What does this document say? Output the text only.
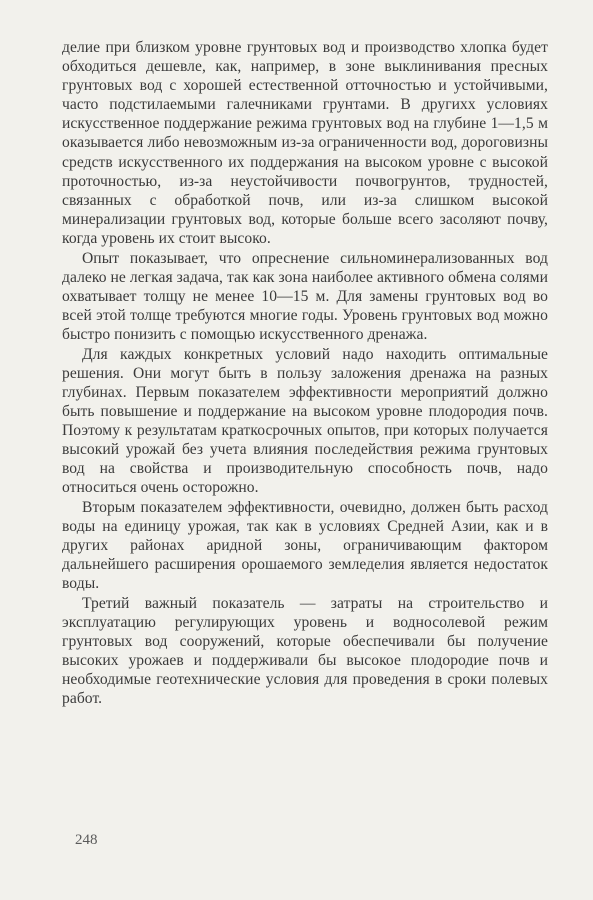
делие при близком уровне грунтовых вод и производство хлопка будет обходиться дешевле, как, например, в зоне выклинивания пресных грунтовых вод с хорошей естественной отточностью и устойчивыми, часто подстилаемыми галечниками грунтами. В другихх условиях искусственное поддержание режима грунтовых вод на глубине 1—1,5 м оказывается либо невозможным из-за ограниченности вод, дороговизны средств искусственного их поддержания на высоком уровне с высокой проточностью, из-за неустойчивости почвогрунтов, трудностей, связанных с обработкой почв, или из-за слишком высокой минерализации грунтовых вод, которые больше всего засоляют почву, когда уровень их стоит высоко.

Опыт показывает, что опреснение сильноминерализованных вод далеко не легкая задача, так как зона наиболее активного обмена солями охватывает толщу не менее 10—15 м. Для замены грунтовых вод во всей этой толще требуются многие годы. Уровень грунтовых вод можно быстро понизить с помощью искусственного дренажа.

Для каждых конкретных условий надо находить оптимальные решения. Они могут быть в пользу заложения дренажа на разных глубинах. Первым показателем эффективности мероприятий должно быть повышение и поддержание на высоком уровне плодородия почв. Поэтому к результатам краткосрочных опытов, при которых получается высокий урожай без учета влияния последействия режима грунтовых вод на свойства и производительную способность почв, надо относиться очень осторожно.

Вторым показателем эффективности, очевидно, должен быть расход воды на единицу урожая, так как в условиях Средней Азии, как и в других районах аридной зоны, ограничивающим фактором дальнейшего расширения орошаемого земледелия является недостаток воды.

Третий важный показатель — затраты на строительство и эксплуатацию регулирующих уровень и водносолевой режим грунтовых вод сооружений, которые обеспечивали бы получение высоких урожаев и поддерживали бы высокое плодородие почв и необходимые геотехнические условия для проведения в сроки полевых работ.

248
